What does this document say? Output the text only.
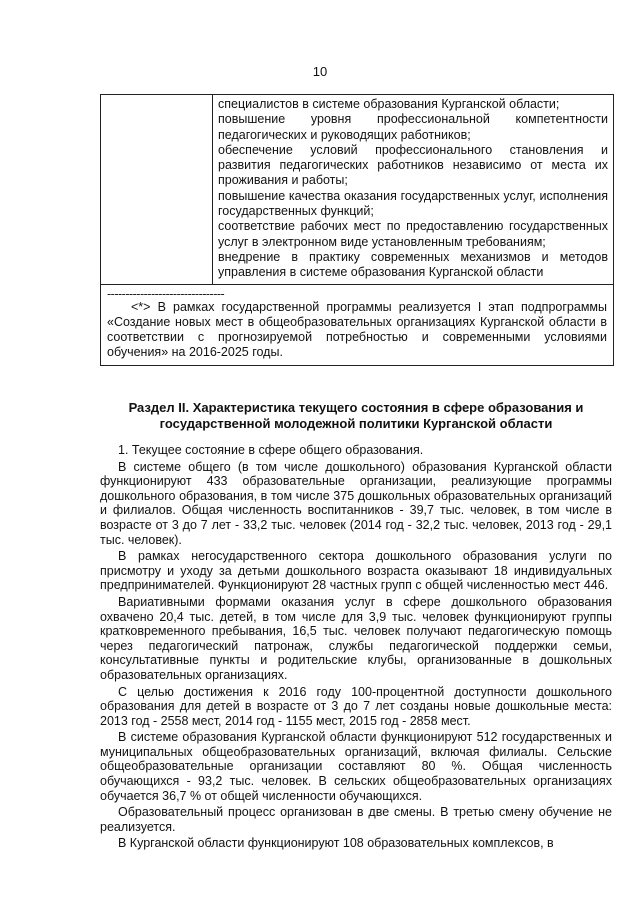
10

специалистов в системе образования Курганской области;

повышение уровня профессиональной компетентности педагогических и руководящих работников;

обеспечение условий профессионального становления и развития педагогических работников независимо от места их проживания и работы;

повышение качества оказания государственных услуг, исполнения государственных функций;

соответствие рабочих мест по предоставлению государственных услуг в электронном виде установленным требованиям;

внедрение в практику современных механизмов и методов управления в системе образования Курганской области

--------------------------------

<*> В рамках государственной программы реализуется I этап подпрограммы «Создание новых мест в общеобразовательных организациях Курганской области в соответствии с прогнозируемой потребностью и современными условиями обучения» на 2016-2025 годы.

Раздел II. Характеристика текущего состояния в сфере образования и
государственной молодежной политики Курганской области

1. Текущее состояние в сфере общего образования.

В системе общего (в том числе дошкольного) образования Курганской области функционируют 433 образовательные организации, реализующие программы дошкольного образования, в том числе 375 дошкольных образовательных организаций и филиалов. Общая численность воспитанников - 39,7 тыс. человек, в том числе в возрасте от 3 до 7 лет - 33,2 тыс. человек (2014 год - 32,2 тыс. человек, 2013 год - 29,1 тыс. человек).

В рамках негосударственного сектора дошкольного образования услуги по присмотру и уходу за детьми дошкольного возраста оказывают 18 индивидуальных предпринимателей. Функционируют 28 частных групп с общей численностью мест 446.

Вариативными формами оказания услуг в сфере дошкольного образования охвачено 20,4 тыс. детей, в том числе для 3,9 тыс. человек функционируют группы кратковременного пребывания, 16,5 тыс. человек получают педагогическую помощь через педагогический патронаж, службы педагогической поддержки семьи, консультативные пункты и родительские клубы, организованные в дошкольных образовательных организациях.

С целью достижения к 2016 году 100-процентной доступности дошкольного образования для детей в возрасте от 3 до 7 лет созданы новые дошкольные места: 2013 год - 2558 мест, 2014 год - 1155 мест, 2015 год - 2858 мест.

В системе образования Курганской области функционируют 512 государственных и муниципальных общеобразовательных организаций, включая филиалы. Сельские общеобразовательные организации составляют 80 %. Общая численность обучающихся - 93,2 тыс. человек. В сельских общеобразовательных организациях обучается 36,7 % от общей численности обучающихся.

Образовательный процесс организован в две смены. В третью смену обучение не реализуется.

В Курганской области функционируют 108 образовательных комплексов, в
